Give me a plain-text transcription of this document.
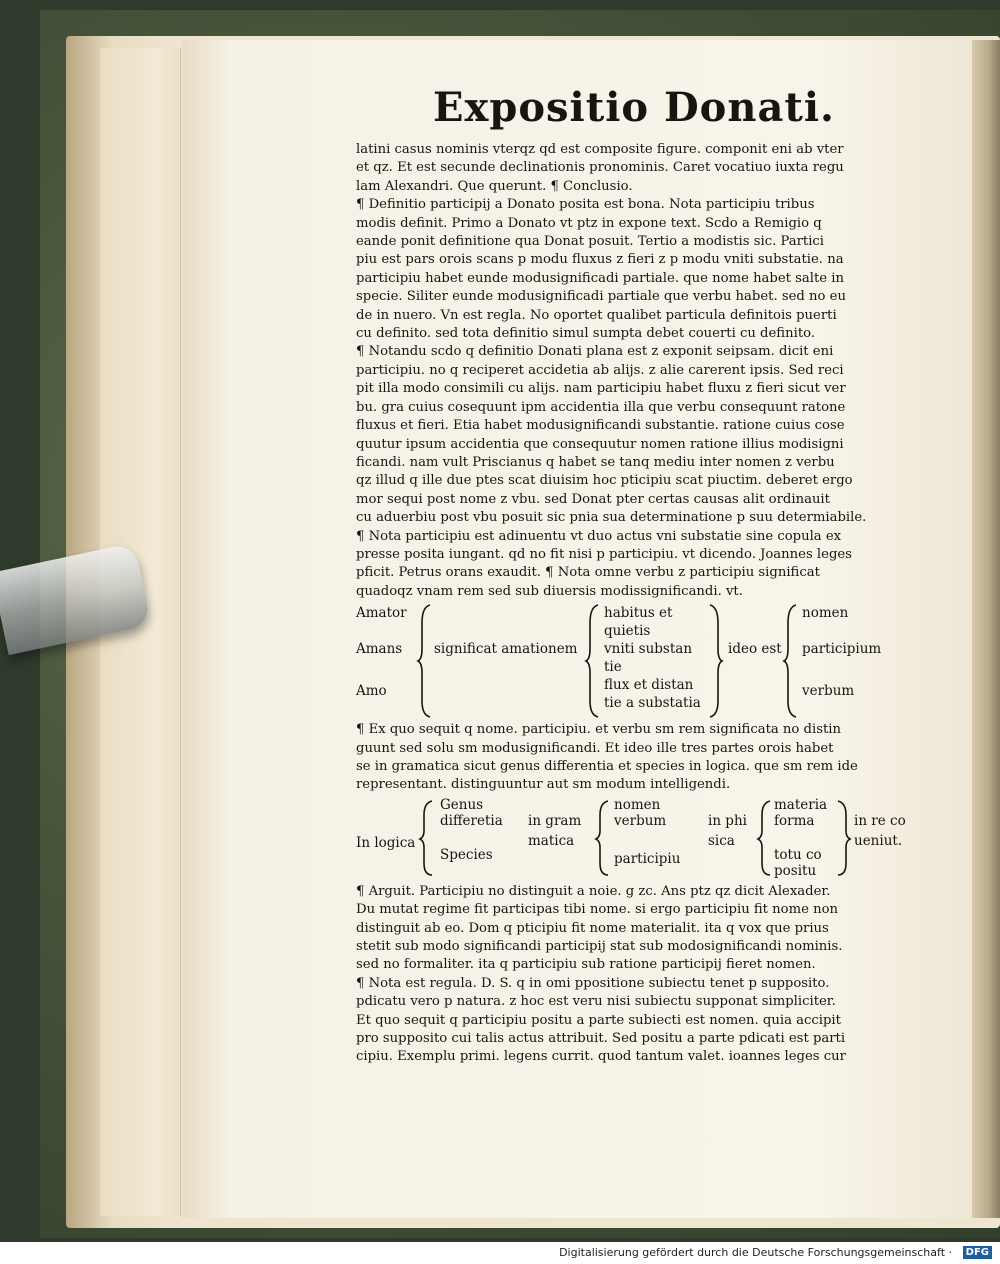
Expositio Donati.
latini casus nominis vterqz qd est composite figure. componit eni ab vter
et qz. Et est secunde declinationis pronominis. Caret vocatiuo iuxta regu
lam Alexandri. Que querunt. ¶ Conclusio.
¶ Definitio participij a Donato posita est bona. Nota participiu tribus
modis definit. Primo a Donato vt ptz in expone text. Scdo a Remigio q
eande ponit definitione qua Donat posuit. Tertio a modistis sic. Partici
piu est pars orois scans p modu fluxus z fieri z p modu vniti substatie. na
participiu habet eunde modusignificadi partiale. que nome habet salte in
specie. Siliter eunde modusignificadi partiale que verbu habet. sed no eu
de in nuero. Vn est regla. No oportet qualibet particula definitois puerti
cu definito. sed tota definitio simul sumpta debet couerti cu definito.
¶ Notandu scdo q definitio Donati plana est z exponit seipsam. dicit eni
participiu. no q reciperet accidetia ab alijs. z alie carerent ipsis. Sed reci
pit illa modo consimili cu alijs. nam participiu habet fluxu z fieri sicut ver
bu. gra cuius cosequunt ipm accidentia illa que verbu consequunt ratone
fluxus et fieri. Etia habet modusignificandi substantie. ratione cuius cose
quutur ipsum accidentia que consequutur nomen ratione illius modisigni
ficandi. nam vult Priscianus q habet se tanq mediu inter nomen z verbu
qz illud q ille due ptes scat diuisim hoc pticipiu scat piuctim. deberet ergo
mor sequi post nome z vbu. sed Donat pter certas causas alit ordinauit
cu aduerbiu post vbu posuit sic pnia sua determinatione p suu determiabile.
¶ Nota participiu est adinuentu vt duo actus vni substatie sine copula ex
presse posita iungant. qd no fit nisi p participiu. vt dicendo. Joannes leges
pficit. Petrus orans exaudit. ¶ Nota omne verbu z participiu significat
quadoqz vnam rem sed sub diuersis modissignificandi. vt.
Amator
Amans
Amo
significat amationem
habitus et
quietis
vniti substan
tie
flux et distan
tie a substatia
ideo est
nomen
participium
verbum
¶ Ex quo sequit q nome. participiu. et verbu sm rem significata no distin
guunt sed solu sm modusignificandi. Et ideo ille tres partes orois habet
se in gramatica sicut genus differentia et species in logica. que sm rem ide
representant. distinguuntur aut sm modum intelligendi.
In logica
Genus
differetia
Species
in gram
matica
nomen
verbum
participiu
in phi
sica
materia
forma
totu co
positu
in re co
ueniut.
¶ Arguit. Participiu no distinguit a noie. g zc. Ans ptz qz dicit Alexader.
Du mutat regime fit participas tibi nome. si ergo participiu fit nome non
distinguit ab eo. Dom q pticipiu fit nome materialit. ita q vox que prius
stetit sub modo significandi participij stat sub modosignificandi nominis.
sed no formaliter. ita q participiu sub ratione participij fieret nomen.
¶ Nota est regula. D. S. q in omi ppositione subiectu tenet p supposito.
pdicatu vero p natura. z hoc est veru nisi subiectu supponat simpliciter.
Et quo sequit q participiu positu a parte subiecti est nomen. quia accipit
pro supposito cui talis actus attribuit. Sed positu a parte pdicati est parti
cipiu. Exemplu primi. legens currit. quod tantum valet. ioannes leges cur
Digitalisierung gefördert durch die Deutsche Forschungsgemeinschaft ·	DFG
